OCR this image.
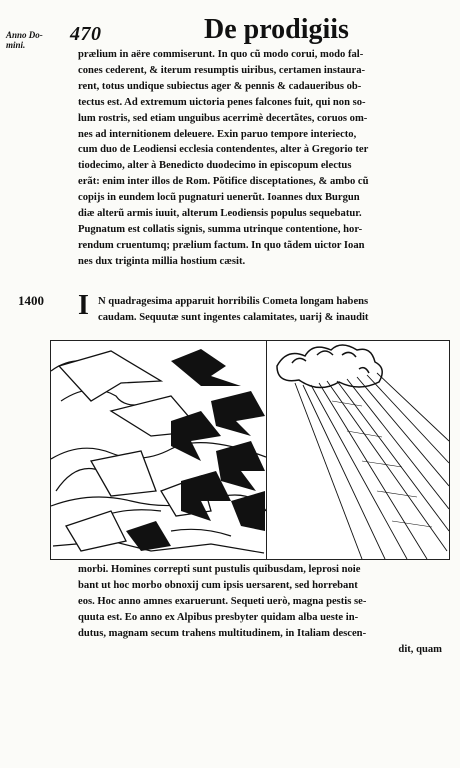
Anno Do-
mini.	470	De prodigiis

prælium in aëre commiserunt. In quo cũ modo corui, modo fal-

cones cederent, & iterum resumptis uiribus, certamen instaura-

rent, totus undique subiectus ager & pennis & cadaueribus ob-

tectus est. Ad extremum uictoria penes falcones fuit, qui non so-

lum rostris, sed etiam unguibus acerrimè decertãtes, coruos om-

nes ad internitionem deleuere. Exin paruo tempore interiecto,

cum duo de Leodiensi ecclesia contendentes, alter à Gregorio ter

tiodecimo, alter à Benedicto duodecimo in episcopum electus

erãt: enim inter illos de Rom. Põtifice disceptationes, & ambo cũ

copijs in eundem locũ pugnaturi uenerũt. Ioannes dux Burgun

diæ alterũ armis iuuit, alterum Leodiensis populus sequebatur.

Pugnatum est collatis signis, summa utrinque contentione, hor-

rendum cruentumq; prælium factum. In quo tãdem uictor Ioan

nes dux triginta millia hostium cæsit.

1400 I N quadragesima apparuit horribilis Cometa longam habens

caudam. Sequutæ sunt ingentes calamitates, uarij & inaudit

morbi. Homines correpti sunt pustulis quibusdam, leprosi noie

bant ut hoc morbo obnoxij cum ipsis uersarent, sed horrebant

eos. Hoc anno amnes exaruerunt. Sequeti uerò, magna pestis se-

quuta est. Eo anno ex Alpibus presbyter quidam alba ueste in-

dutus, magnam secum trahens multitudinem, in Italiam descen-

dit, quam
